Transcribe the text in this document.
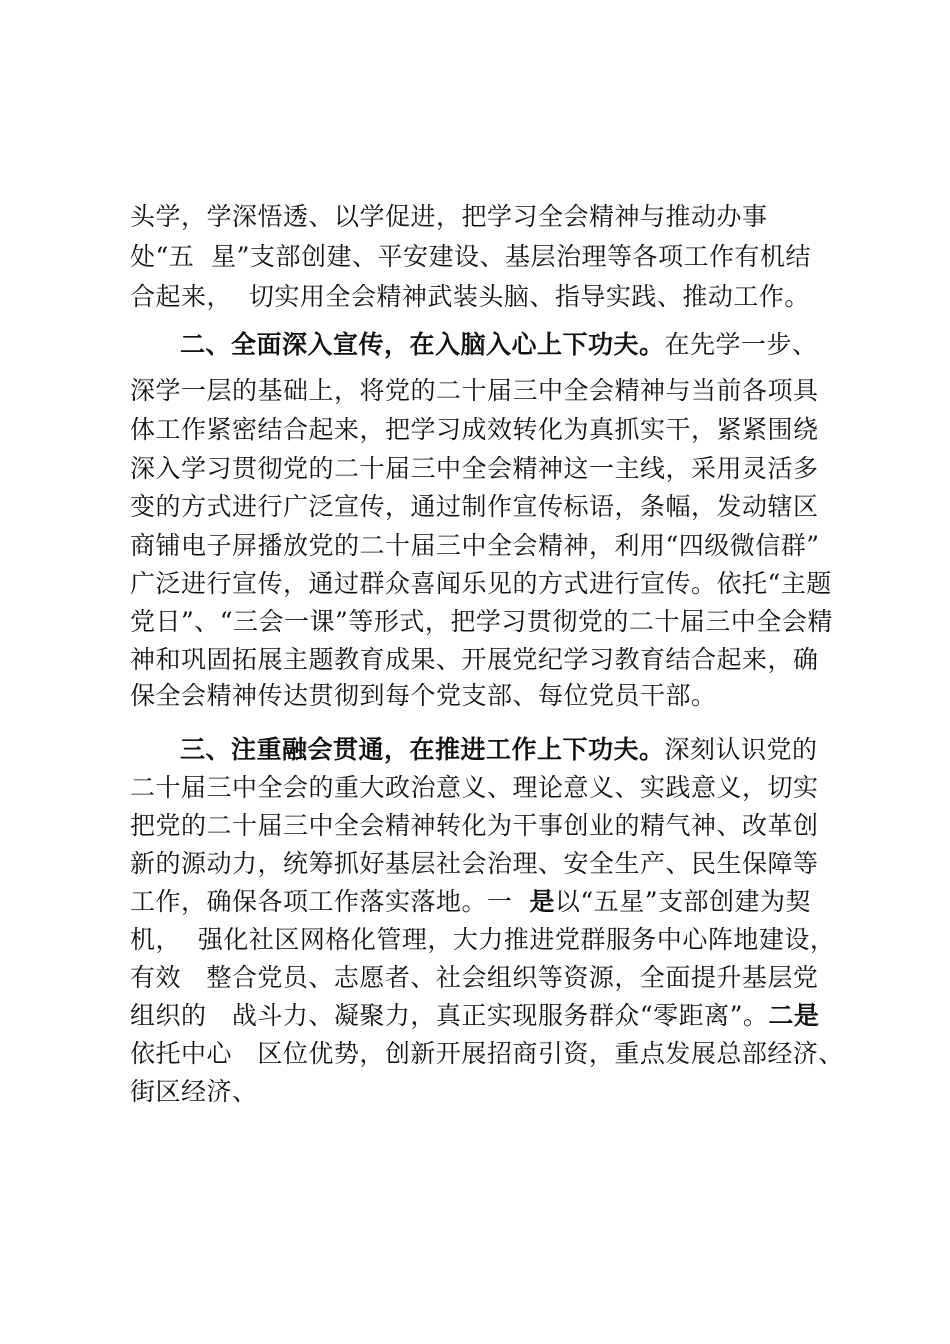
头学，学深悟透、以学促进，把学习全会精神与推动办事
处“五  星”支部创建、平安建设、基层治理等各项工作有机结
合起来，  切实用全会精神武装头脑、指导实践、推动工作。
二、全面深入宣传，在入脑入心上下功夫。在先学一步、
深学一层的基础上，将党的二十届三中全会精神与当前各项具
体工作紧密结合起来，把学习成效转化为真抓实干，紧紧围绕
深入学习贯彻党的二十届三中全会精神这一主线，采用灵活多
变的方式进行广泛宣传，通过制作宣传标语，条幅，发动辖区
商铺电子屏播放党的二十届三中全会精神，利用“四级微信群”
广泛进行宣传，通过群众喜闻乐见的方式进行宣传。依托“主题
党日”、“三会一课”等形式，把学习贯彻党的二十届三中全会精
神和巩固拓展主题教育成果、开展党纪学习教育结合起来，确
保全会精神传达贯彻到每个党支部、每位党员干部。
三、注重融会贯通，在推进工作上下功夫。深刻认识党的
二十届三中全会的重大政治意义、理论意义、实践意义，切实
把党的二十届三中全会精神转化为干事创业的精气神、改革创
新的源动力，统筹抓好基层社会治理、安全生产、民生保障等
工作，确保各项工作落实落地。一  是以“五星”支部创建为契
机，  强化社区网格化管理，大力推进党群服务中心阵地建设，
有效   整合党员、志愿者、社会组织等资源，全面提升基层党
组织的   战斗力、凝聚力，真正实现服务群众“零距离”。二是
依托中心   区位优势，创新开展招商引资，重点发展总部经济、
街区经济、
